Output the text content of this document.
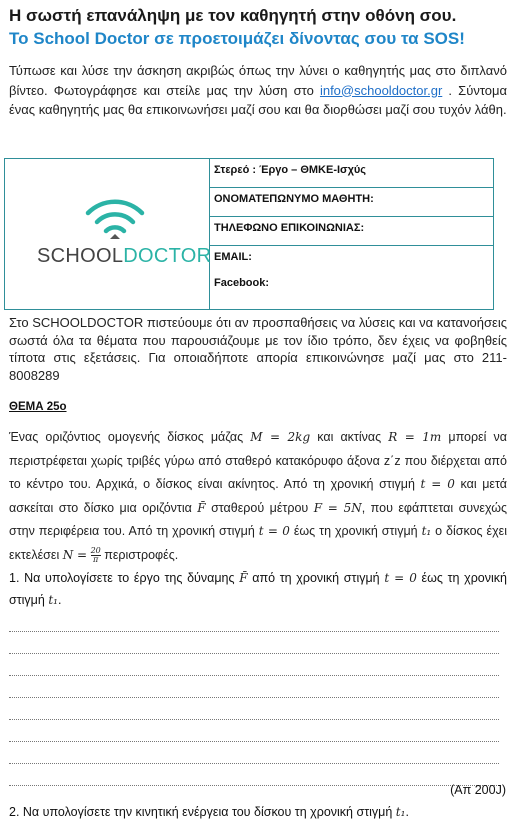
Η σωστή επανάληψη με τον καθηγητή στην οθόνη σου.
Το School Doctor σε προετοιμάζει δίνοντας σου τα SOS!
Τύπωσε και λύσε την άσκηση ακριβώς όπως την λύνει ο καθηγητής μας στο διπλανό βίντεο. Φωτογράφησε και στείλε μας την λύση στο info@schooldoctor.gr . Σύντομα ένας καθηγητής μας θα επικοινωνήσει μαζί σου και θα διορθώσει μαζί σου τυχόν λάθη.
SCHOOLDOCTOR
Στερεό : Έργο – ΘΜΚΕ-Ισχύς
ΟΝΟΜΑΤΕΠΩΝΥΜΟ ΜΑΘΗΤΗ:
ΤΗΛΕΦΩΝΟ ΕΠΙΚΟΙΝΩΝΙΑΣ:
EMAIL:
Facebook:
Στο SCHOOLDOCTOR πιστεύουμε ότι αν προσπαθήσεις να λύσεις και να κατανοήσεις σωστά όλα τα θέματα που παρουσιάζουμε με τον ίδιο τρόπο, δεν έχεις να φοβηθείς τίποτα στις εξετάσεις. Για οποιαδήποτε απορία επικοινώνησε μαζί μας στο 211-8008289
ΘΕΜΑ 25ο
Ένας οριζόντιος ομογενής δίσκος μάζας M = 2kg και ακτίνας R = 1m μπορεί να περιστρέφεται χωρίς τριβές γύρω από σταθερό κατακόρυφο άξονα z΄z που διέρχεται από το κέντρο του. Αρχικά, ο δίσκος είναι ακίνητος. Από τη χρονική στιγμή t = 0 και μετά ασκείται στο δίσκο μια οριζόντια F̄ σταθερού μέτρου F = 5N, που εφάπτεται συνεχώς στην περιφέρεια του. Από τη χρονική στιγμή t = 0 έως τη χρονική στιγμή t₁ ο δίσκος έχει εκτελέσει $N = \frac{20}{\pi} \pi\varepsilon\rho\iota\sigma\tau\rho o\varphi έ\varsigma$.
1. Να υπολογίσετε το έργο της δύναμης F̄ από τη χρονική στιγμή t = 0 έως τη χρονική στιγμή t₁.
(Απ 200J)
2. Να υπολογίσετε την κινητική ενέργεια του δίσκου τη χρονική στιγμή t₁.
